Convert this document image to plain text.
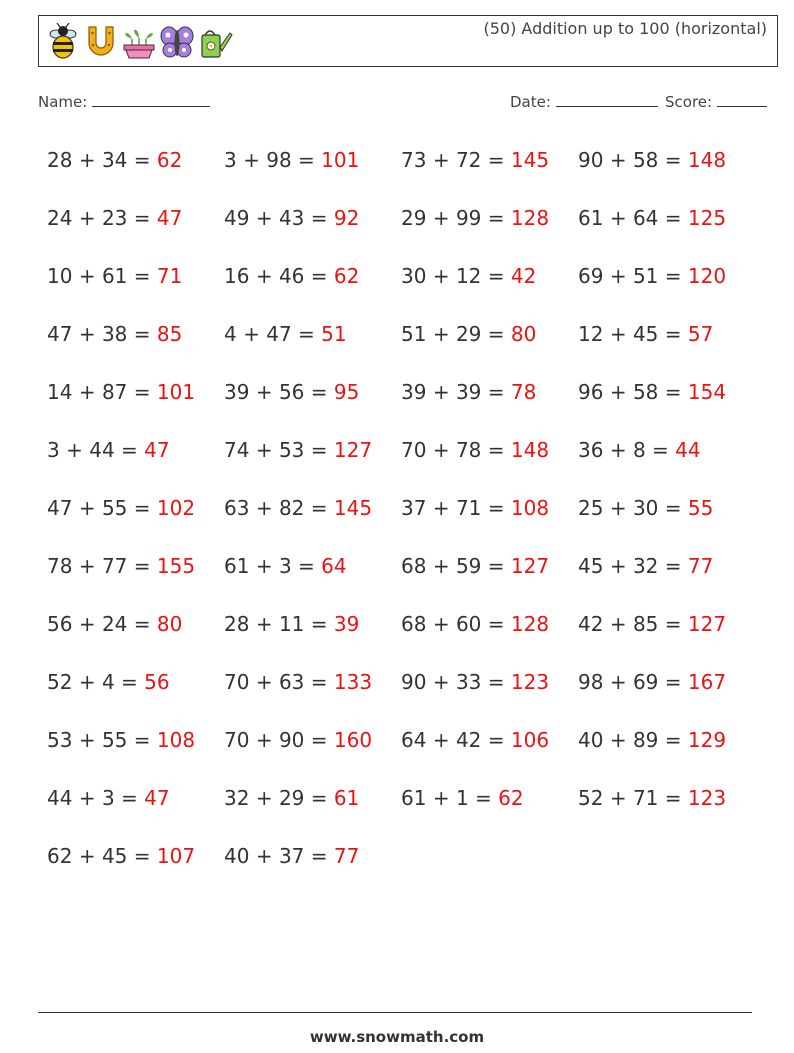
(50) Addition up to 100 (horizontal)
Name:	Date:	Score:
28 + 34 = 62 3 + 98 = 101 73 + 72 = 145 90 + 58 = 148
24 + 23 = 47 49 + 43 = 92 29 + 99 = 128 61 + 64 = 125
10 + 61 = 71 16 + 46 = 62 30 + 12 = 42 69 + 51 = 120
47 + 38 = 85 4 + 47 = 51	51 + 29 = 80 12 + 45 = 57
14 + 87 = 101 39 + 56 = 95 39 + 39 = 78 96 + 58 = 154
3 + 44 = 47	74 + 53 = 127 70 + 78 = 148 36 + 8 = 44
47 + 55 = 102 63 + 82 = 145 37 + 71 = 108 25 + 30 = 55
78 + 77 = 155 61 + 3 = 64	68 + 59 = 127 45 + 32 = 77
56 + 24 = 80 28 + 11 = 39 68 + 60 = 128 42 + 85 = 127
52 + 4 = 56	70 + 63 = 133 90 + 33 = 123 98 + 69 = 167
53 + 55 = 108 70 + 90 = 160 64 + 42 = 106 40 + 89 = 129
44 + 3 = 47	32 + 29 = 61 61 + 1 = 62	52 + 71 = 123
62 + 45 = 107 40 + 37 = 77
www.snowmath.com
